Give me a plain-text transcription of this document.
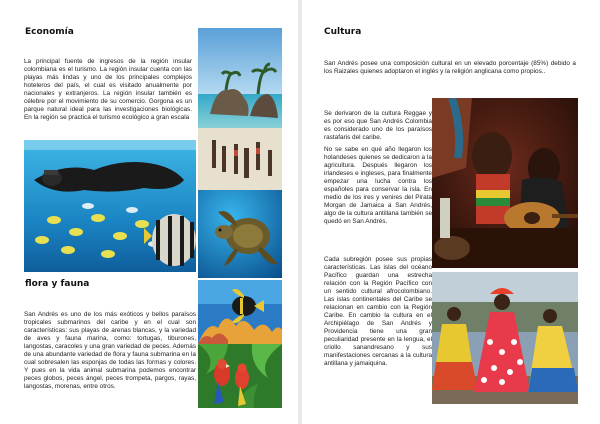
Economía
La principal fuente de ingresos de la región insular colombiana es el turismo. La región insular cuenta con las playas más lindas y uno de los principales complejos hoteleros del país, el cual es visitado anualmente por nacionales y extranjeros. La región insular también es célebre por el movimiento de su comercio. Gorgona es un parque natural ideal para las investigaciones biológicas. En la región se practica el turismo ecológico a gran escala
flora y fauna
San Andrés es uno de los más exóticos y bellos paraísos tropicales submarinos del caribe y en el cual son características: sus playas de arenas blancas, y la variedad de aves y fauna marina, como: tortugas, tiburones, langostas, caracoles y una gran variedad de peces. Además de una abundante variedad de flora y fauna submarina en la cual sobresalen las esponjas de todas las formas y colores. Y pues en la vida animal submarina podemos encontrar peces globos, peces ángel, peces trompeta, pargos, rayas, langostas, morenas, entre otros.
Cultura
San Andrés posee una composición cultural en un elevado porcentaje (85%) debido a los Raizales quienes adoptaron el inglés y la religión anglicana como propios..
Se derivaron de la cultura Reggae y es por eso que San Andrés Colombia es considerado uno de los paraísos rastafaris del caribe.
No se sabe en qué año llegaron los holandeses quienes se dedicaron a la agricultura. Después llegaron los irlandeses e ingleses, para finalmente empezar una lucha contra los españoles para conservar la isla. En medio de los ires y venires del Pirata Morgan de Jamaica a San Andrés, algo de la cultura antillana también se quedó en San Andrés.
Cada subregión posee sus propias características. Las islas del océano Pacífico guardan una estrecha relación con la Región Pacífico con un sentido cultural afrocolombiano. Las islas continentales del Caribe se relacionan en cambio con la Región Caribe. En cambio la cultura en el Archipiélago de San Andrés y Providencia tiene una gran peculiaridad presente en la lengua, el criollo sanandresano y sus manifestaciones cercanas a la cultura antillana y jamaiquina.
